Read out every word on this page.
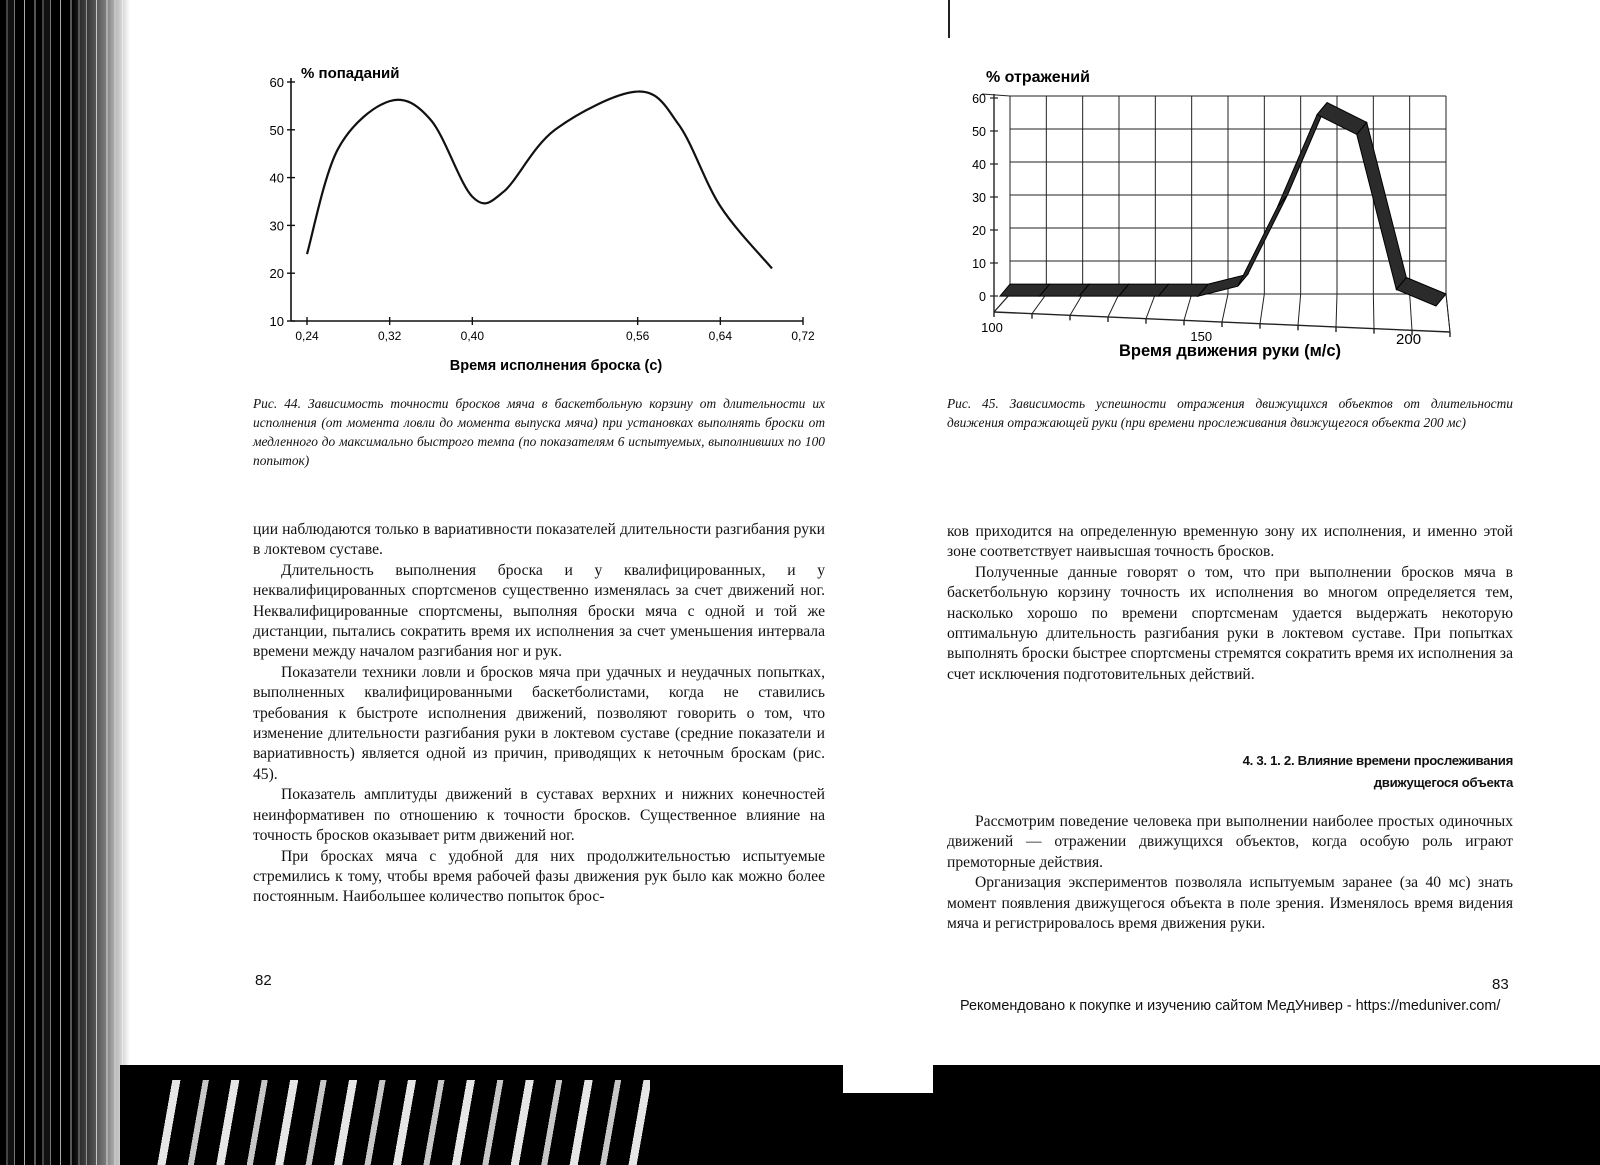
% попаданий
Время исполнения броска (с)
10
20
30
40
50
60
0,24	0,32	0,40	0,56	0,64	0,72
Рис. 44. Зависимость точности бросков мяча в баскетбольную корзину от длительности их исполнения (от момента ловли до момента выпуска мяча) при установках выполнять броски от медленного до максимально быстрого темпа (по показателям 6 испытуемых, выполнивших по 100 попыток)

ции наблюдаются только в вариативности показателей длительности разгибания руки в локтевом суставе.

Длительность выполнения броска и у квалифицированных, и у неквалифицированных спортсменов существенно изменялась за счет движений ног. Неквалифицированные спортсмены, выполняя броски мяча с одной и той же дистанции, пытались сократить время их исполнения за счет уменьшения интервала времени между началом разгибания ног и рук.

Показатели техники ловли и бросков мяча при удачных и неудачных попытках, выполненных квалифицированными баскетболистами, когда не ставились требования к быстроте исполнения движений, позволяют говорить о том, что изменение длительности разгибания руки в локтевом суставе (средние показатели и вариативность) является одной из причин, приводящих к неточным броскам (рис. 45).

Показатель амплитуды движений в суставах верхних и нижних конечностей неинформативен по отношению к точности бросков. Существенное влияние на точность бросков оказывает ритм движений ног.

При бросках мяча с удобной для них продолжительностью испытуемые стремились к тому, чтобы время рабочей фазы движения рук было как можно более постоянным. Наибольшее количество попыток брос-

82
% отражений
Время движения руки (м/с)
0
10
20
30
40
50
60
100
150	200
Рис. 45. Зависимость успешности отражения движущихся объектов от длительности движения отражающей руки (при времени прослеживания движущегося объекта 200 мс)

ков приходится на определенную временную зону их исполнения, и именно этой зоне соответствует наивысшая точность бросков.

Полученные данные говорят о том, что при выполнении бросков мяча в баскетбольную корзину точность их исполнения во многом определяется тем, насколько хорошо по времени спортсменам удается выдержать некоторую оптимальную длительность разгибания руки в локтевом суставе. При попытках выполнять броски быстрее спортсмены стремятся сократить время их исполнения за счет исключения подготовительных действий.

4. 3. 1. 2. Влияние времени прослеживания
движущегося объекта

Рассмотрим поведение человека при выполнении наиболее простых одиночных движений — отражении движущихся объектов, когда особую роль играют премоторные действия.

Организация экспериментов позволяла испытуемым заранее (за 40 мс) знать момент появления движущегося объекта в поле зрения. Изменялось время видения мяча и регистрировалось время движения руки.

83
Рекомендовано к покупке и изучению сайтом МедУнивер - https://meduniver.com/
